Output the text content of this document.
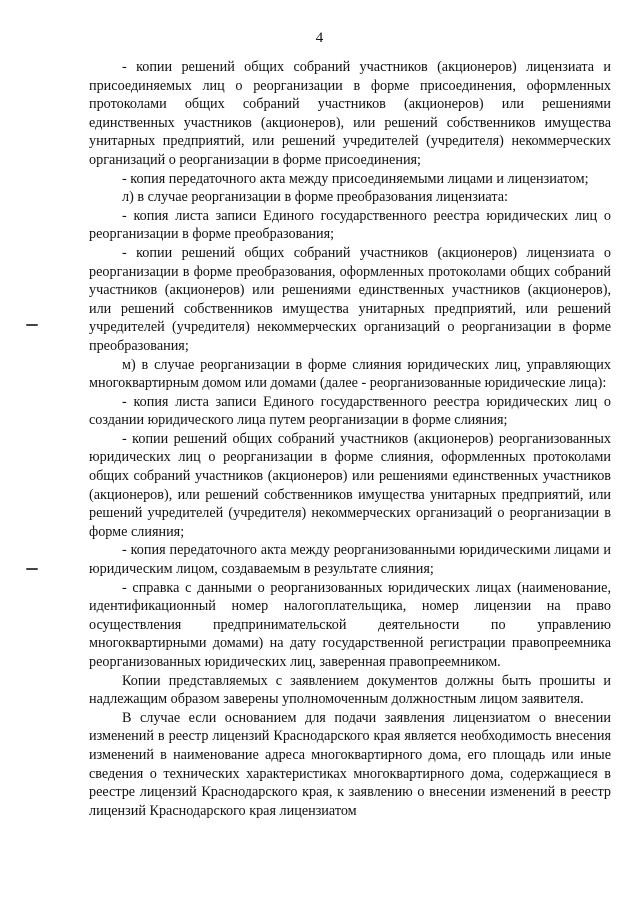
4

- копии решений общих собраний участников (акционеров) лицензиата и присоединяемых лиц о реорганизации в форме присоединения, оформленных протоколами общих собраний участников (акционеров) или решениями единственных участников (акционеров), или решений собственников имущества унитарных предприятий, или решений учредителей (учредителя) некоммерческих организаций о реорганизации в форме присоединения;

- копия передаточного акта между присоединяемыми лицами и лицензиатом;

л) в случае реорганизации в форме преобразования лицензиата:

- копия листа записи Единого государственного реестра юридических лиц о реорганизации в форме преобразования;

- копии решений общих собраний участников (акционеров) лицензиата о реорганизации в форме преобразования, оформленных протоколами общих собраний участников (акционеров) или решениями единственных участников (акционеров), или решений собственников имущества унитарных предприятий, или решений учредителей (учредителя) некоммерческих организаций о реорганизации в форме преобразования;

м) в случае реорганизации в форме слияния юридических лиц, управляющих многоквартирным домом или домами (далее - реорганизованные юридические лица):

- копия листа записи Единого государственного реестра юридических лиц о создании юридического лица путем реорганизации в форме слияния;

- копии решений общих собраний участников (акционеров) реорганизованных юридических лиц о реорганизации в форме слияния, оформленных протоколами общих собраний участников (акционеров) или решениями единственных участников (акционеров), или решений собственников имущества унитарных предприятий, или решений учредителей (учредителя) некоммерческих организаций о реорганизации в форме слияния;

- копия передаточного акта между реорганизованными юридическими лицами и юридическим лицом, создаваемым в результате слияния;

- справка с данными о реорганизованных юридических лицах (наименование, идентификационный номер налогоплательщика, номер лицензии на право осуществления предпринимательской деятельности по управлению многоквартирными домами) на дату государственной регистрации правопреемника реорганизованных юридических лиц, заверенная правопреемником.

Копии представляемых с заявлением документов должны быть прошиты и надлежащим образом заверены уполномоченным должностным лицом заявителя.

В случае если основанием для подачи заявления лицензиатом о внесении изменений в реестр лицензий Краснодарского края является необходимость внесения изменений в наименование адреса многоквартирного дома, его площадь или иные сведения о технических характеристиках многоквартирного дома, содержащиеся в реестре лицензий Краснодарского края, к заявлению о внесении изменений в реестр лицензий Краснодарского края лицензиатом
